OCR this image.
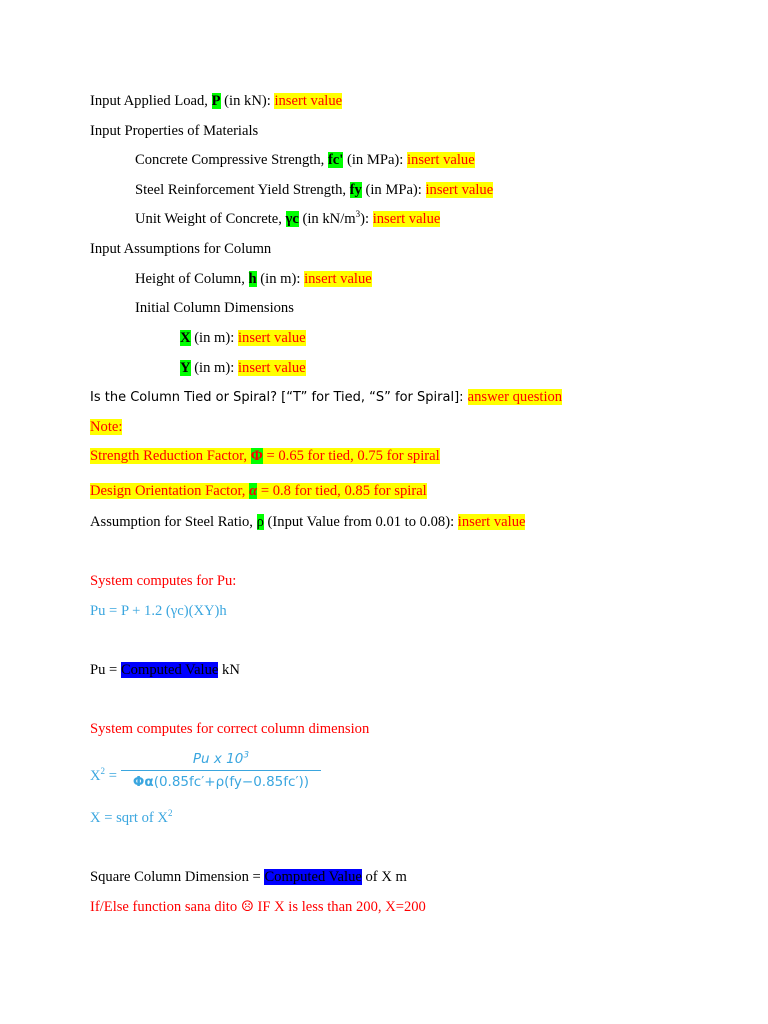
Input Applied Load, P (in kN): insert value
Input Properties of Materials
Concrete Compressive Strength, fc' (in MPa): insert value
Steel Reinforcement Yield Strength, fy (in MPa): insert value
Unit Weight of Concrete, γc (in $kN/m^3$): insert value
Input Assumptions for Column
Height of Column, h (in m): insert value
Initial Column Dimensions
X (in m): insert value
Y (in m): insert value
Is the Column Tied or Spiral? [“T” for Tied, “S” for Spiral]: answer question
Note:
Strength Reduction Factor, Φ = 0.65 for tied, 0.75 for spiral
Design Orientation Factor, α = 0.8 for tied, 0.85 for spiral
Assumption for Steel Ratio, ρ (Input Value from 0.01 to 0.08): insert value
System computes for Pu:
Pu = P + 1.2 (γc)(XY)h
Pu = Computed Value kN
System computes for correct column dimension
$X^2 = \frac{Pu x 10^3}{\Phi\alpha(0.85fc'+\rho(fy-0.85fc'))}$
X = sqrt of $X^2$
Square Column Dimension = Computed Value of X m
If/Else function sana dito ☹ IF X is less than 200, X=200
